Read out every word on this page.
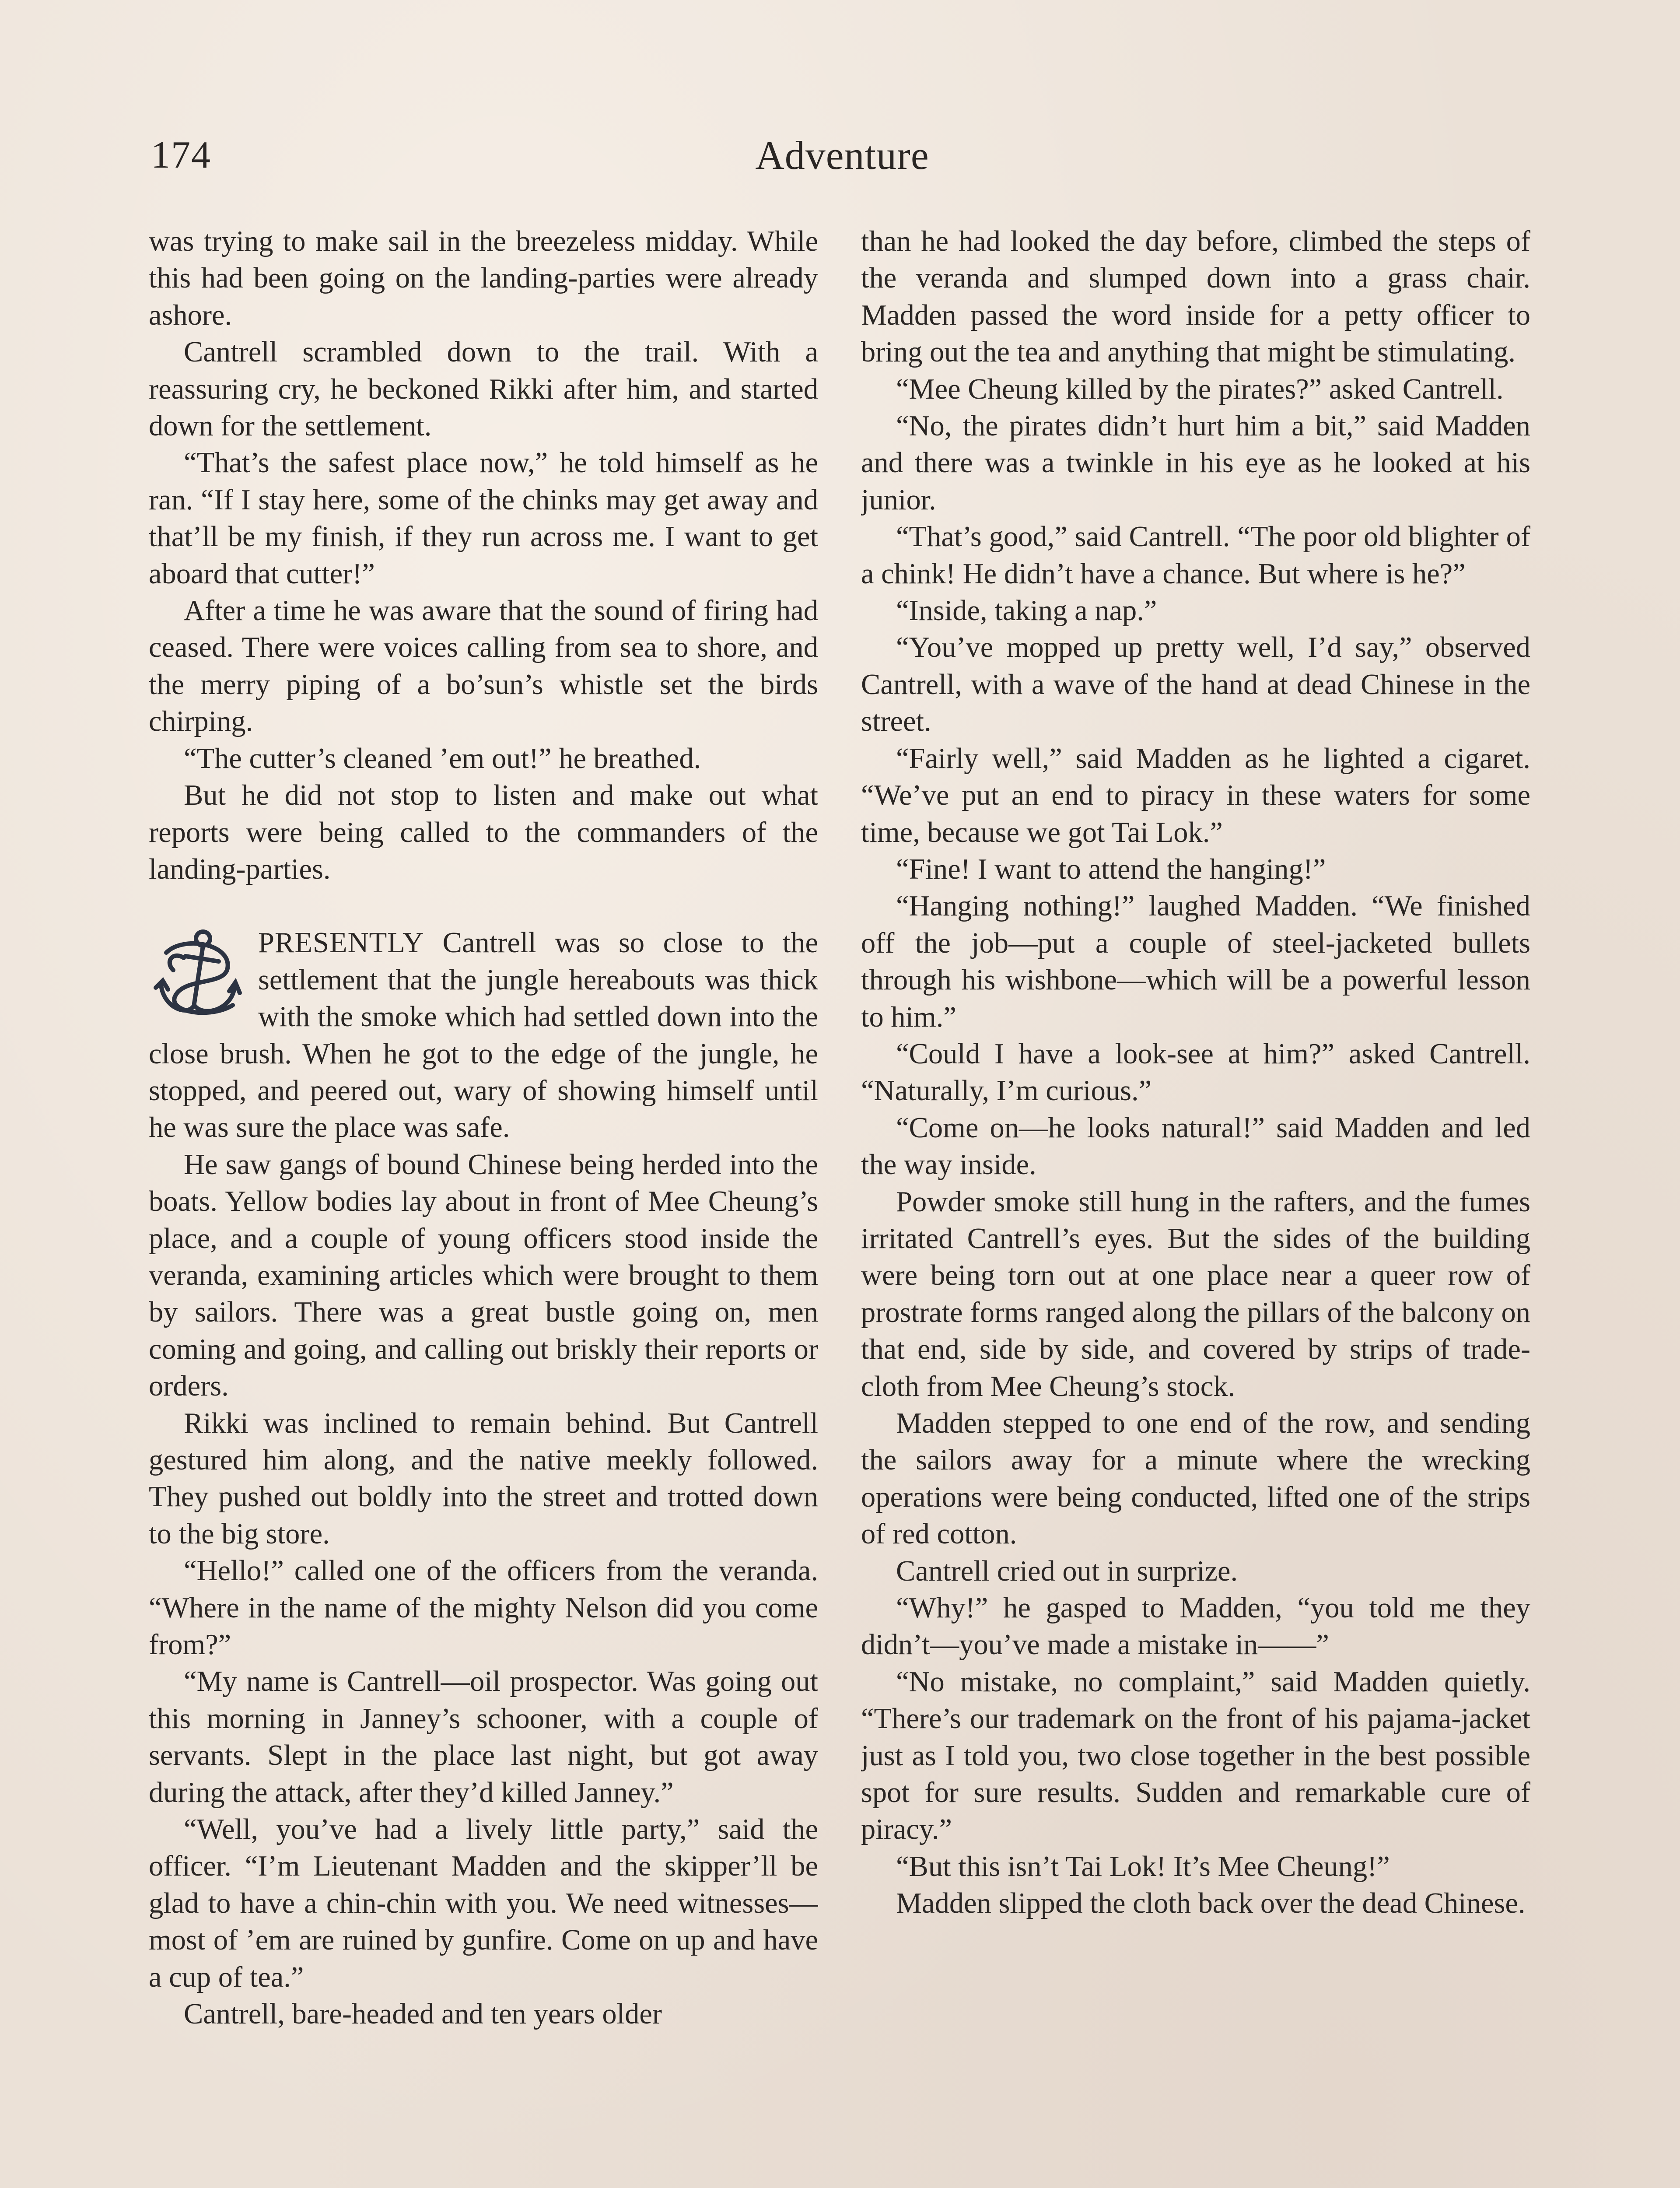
174	Adventure

was trying to make sail in the breezeless midday. While this had been going on the landing-parties were already ashore.

Cantrell scrambled down to the trail. With a reassuring cry, he beckoned Rikki after him, and started down for the settlement.

“That’s the safest place now,” he told himself as he ran. “If I stay here, some of the chinks may get away and that’ll be my finish, if they run across me. I want to get aboard that cutter!”

After a time he was aware that the sound of firing had ceased. There were voices calling from sea to shore, and the merry piping of a bo’sun’s whistle set the birds chirping.

“The cutter’s cleaned ’em out!” he breathed.

But he did not stop to listen and make out what reports were being called to the commanders of the landing-parties.

PRESENTLY Cantrell was so close to the settlement that the jungle hereabouts was thick with the smoke which had settled down into the close brush. When he got to the edge of the jungle, he stopped, and peered out, wary of showing himself until he was sure the place was safe.

He saw gangs of bound Chinese being herded into the boats. Yellow bodies lay about in front of Mee Cheung’s place, and a couple of young officers stood inside the veranda, examining articles which were brought to them by sailors. There was a great bustle going on, men coming and going, and calling out briskly their reports or orders.

Rikki was inclined to remain behind. But Cantrell gestured him along, and the native meekly followed. They pushed out boldly into the street and trotted down to the big store.

“Hello!” called one of the officers from the veranda. “Where in the name of the mighty Nelson did you come from?”

“My name is Cantrell—oil prospector. Was going out this morning in Janney’s schooner, with a couple of servants. Slept in the place last night, but got away during the attack, after they’d killed Janney.”

“Well, you’ve had a lively little party,” said the officer. “I’m Lieutenant Madden and the skipper’ll be glad to have a chin-chin with you. We need witnesses—most of ’em are ruined by gunfire. Come on up and have a cup of tea.”

Cantrell, bare-headed and ten years older

than he had looked the day before, climbed the steps of the veranda and slumped down into a grass chair. Madden passed the word inside for a petty officer to bring out the tea and anything that might be stimulating.

“Mee Cheung killed by the pirates?” asked Cantrell.

“No, the pirates didn’t hurt him a bit,” said Madden and there was a twinkle in his eye as he looked at his junior.

“That’s good,” said Cantrell. “The poor old blighter of a chink! He didn’t have a chance. But where is he?”

“Inside, taking a nap.”

“You’ve mopped up pretty well, I’d say,” observed Cantrell, with a wave of the hand at dead Chinese in the street.

“Fairly well,” said Madden as he lighted a cigaret. “We’ve put an end to piracy in these waters for some time, because we got Tai Lok.”

“Fine! I want to attend the hanging!”

“Hanging nothing!” laughed Madden. “We finished off the job—put a couple of steel-jacketed bullets through his wishbone—which will be a powerful lesson to him.”

“Could I have a look-see at him?” asked Cantrell. “Naturally, I’m curious.”

“Come on—he looks natural!” said Madden and led the way inside.

Powder smoke still hung in the rafters, and the fumes irritated Cantrell’s eyes. But the sides of the building were being torn out at one place near a queer row of prostrate forms ranged along the pillars of the balcony on that end, side by side, and covered by strips of trade-cloth from Mee Cheung’s stock.

Madden stepped to one end of the row, and sending the sailors away for a minute where the wrecking operations were being conducted, lifted one of the strips of red cotton.

Cantrell cried out in surprize.

“Why!” he gasped to Madden, “you told me they didn’t—you’ve made a mistake in——”

“No mistake, no complaint,” said Madden quietly. “There’s our trademark on the front of his pajama-jacket just as I told you, two close together in the best possible spot for sure results. Sudden and remarkable cure of piracy.”

“But this isn’t Tai Lok! It’s Mee Cheung!”

Madden slipped the cloth back over the dead Chinese.
